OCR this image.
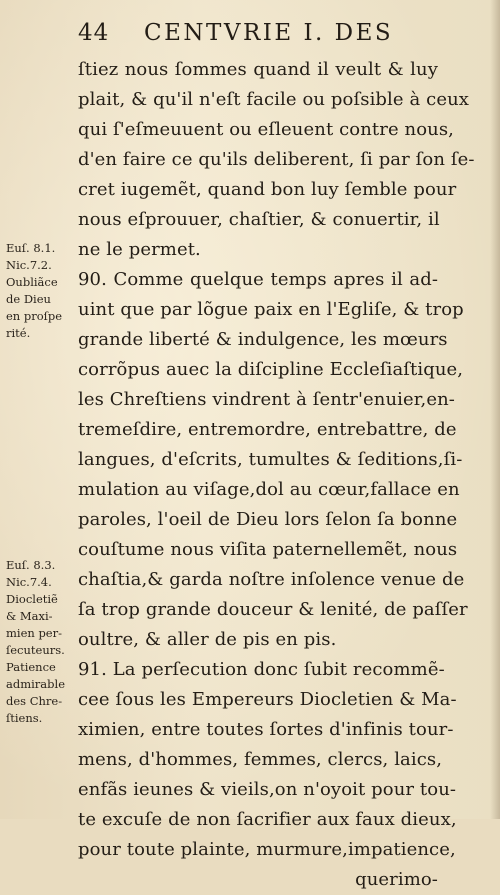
44 CENTVRIE I. DES
ſtiez nous ſommes quand il veult & luy
plait, & qu'il n'eſt facile ou poſsible à ceux
qui ſ'eſmeuuent ou eſleuent contre nous,
d'en faire ce qu'ils deliberent, ſi par ſon ſe-
cret iugemẽt, quand bon luy ſemble pour
nous eſprouuer, chaſtier, & conuertir, il
ne le permet.
90. Comme quelque temps apres il ad-
uint que par lõgue paix en l'Egliſe, & trop
grande liberté & indulgence, les mœurs
corrõpus auec la diſcipline Eccleſiaſtique,
les Chreſtiens vindrent à ſentr'enuier,en-
tremeſdire, entremordre, entrebattre, de
langues, d'eſcrits, tumultes & ſeditions,ſi-
mulation au viſage,dol au cœur,fallace en
paroles, l'oeil de Dieu lors ſelon ſa bonne
couſtume nous viſita paternellemẽt, nous
chaſtia,& garda noſtre inſolence venue de
ſa trop grande douceur & lenité, de paſſer
oultre, & aller de pis en pis.
91. La perſecution donc ſubit recommẽ-
cee ſous les Empereurs Diocletien & Ma-
ximien, entre toutes ſortes d'infinis tour-
mens, d'hommes, femmes, clercs, laics,
enfãs ieunes & vieils,on n'oyoit pour tou-
te excuſe de non ſacrifier aux faux dieux,
pour toute plainte, murmure,impatience,
querimo-
Euſ. 8.1.
Nic.7.2.
Oubliãce
de Dieu
en proſpe
rité.
Euſ. 8.3.
Nic.7.4.
Diocletiẽ
& Maxi-
mien per-
ſecuteurs.
Patience
admirable
des Chre-
ſtiens.
